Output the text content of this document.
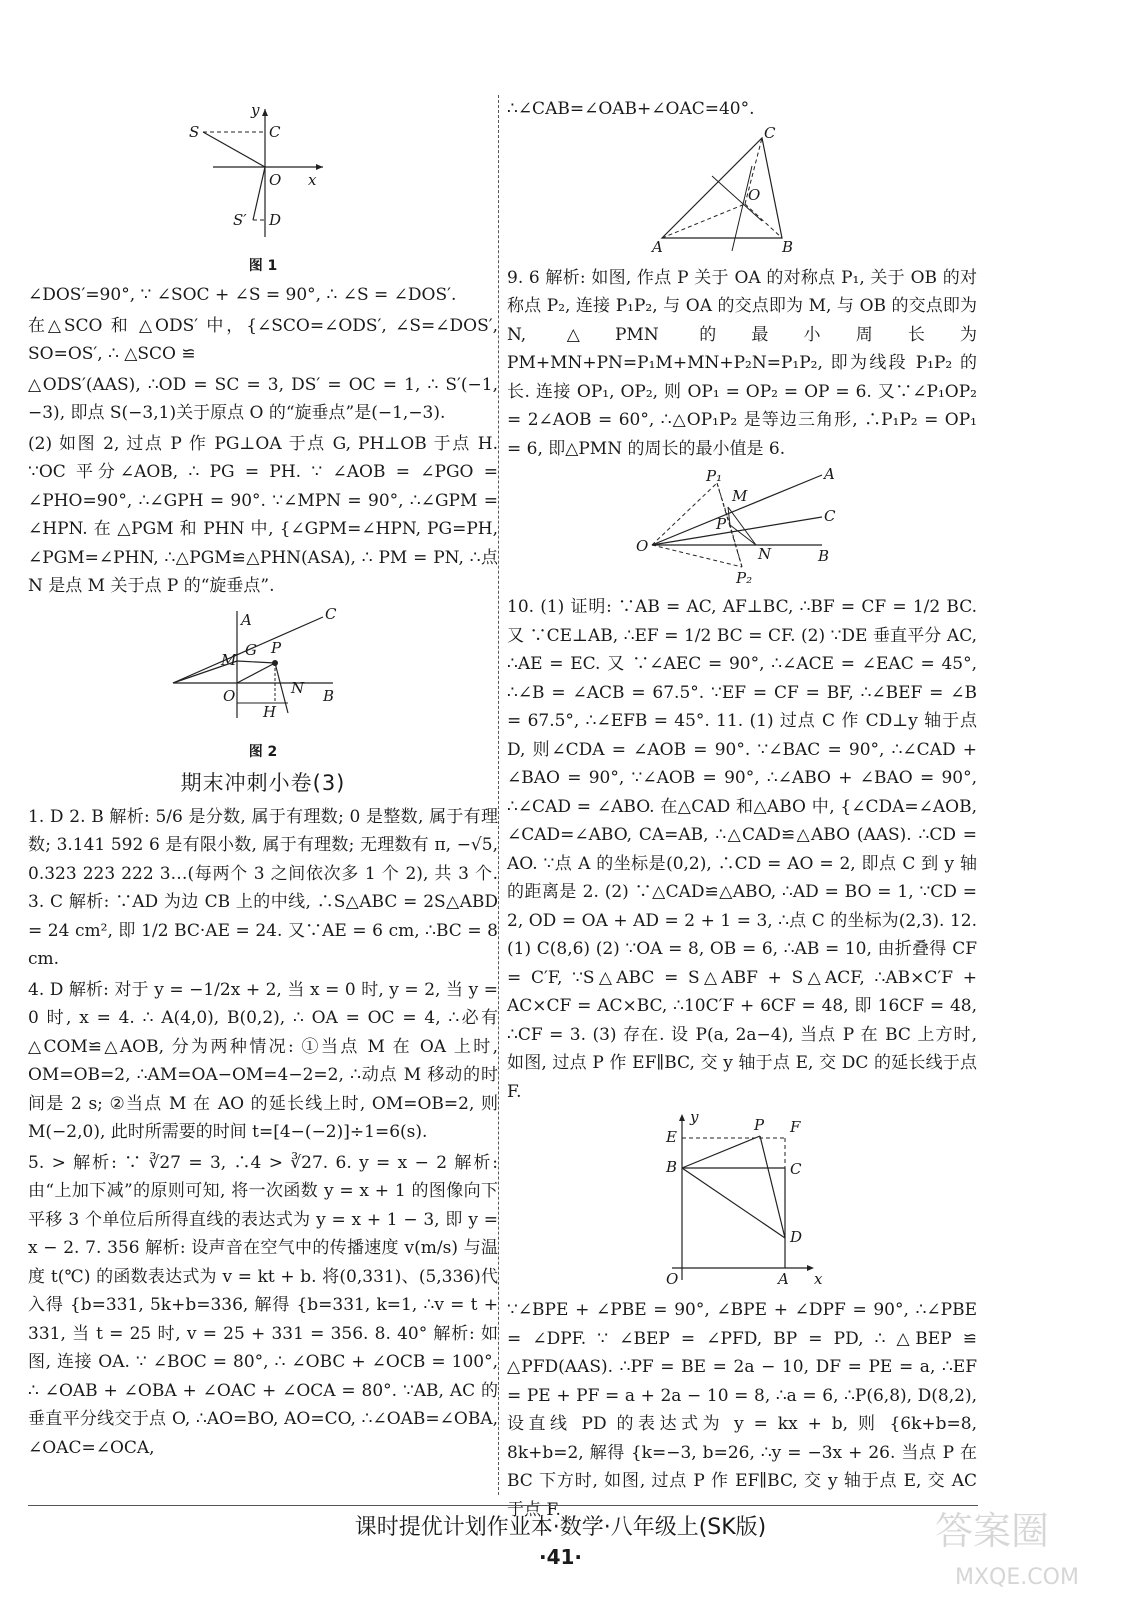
S	C
O x
y
S′ D
图 1

∠DOS′=90°, ∵ ∠SOC + ∠S = 90°, ∴ ∠S = ∠DOS′.

在△SCO 和 △ODS′ 中，{∠SCO=∠ODS′, ∠S=∠DOS′, SO=OS′, ∴ △SCO ≌

△ODS′(AAS), ∴OD = SC = 3, DS′ = OC = 1, ∴ S′(−1, −3), 即点 S(−3,1)关于原点 O 的“旋垂点”是(−1,−3).

(2) 如图 2, 过点 P 作 PG⊥OA 于点 G, PH⊥OB 于点 H. ∵OC 平分∠AOB, ∴ PG = PH. ∵ ∠AOB = ∠PGO = ∠PHO=90°, ∴∠GPH = 90°. ∵∠MPN = 90°, ∴∠GPM = ∠HPN. 在 △PGM 和 PHN 中, {∠GPM=∠HPN, PG=PH, ∠PGM=∠PHN, ∴△PGM≌△PHN(ASA), ∴ PM = PN, ∴点 N 是点 M 关于点 P 的“旋垂点”.

A	C
G P
M
O	N
H
B
图 2
期末冲刺小卷(3)

1. D 2. B 解析: 5/6 是分数, 属于有理数; 0 是整数, 属于有理数; 3.141 592 6 是有限小数, 属于有理数; 无理数有 π, −√5, 0.323 223 222 3…(每两个 3 之间依次多 1 个 2), 共 3 个. 3. C 解析: ∵AD 为边 CB 上的中线, ∴S△ABC = 2S△ABD = 24 cm², 即 1/2 BC·AE = 24. 又∵AE = 6 cm, ∴BC = 8 cm.

4. D 解析: 对于 y = −1/2x + 2, 当 x = 0 时, y = 2, 当 y = 0 时, x = 4. ∴ A(4,0), B(0,2), ∴ OA = OC = 4, ∴必有 △COM≌△AOB, 分为两种情况: ①当点 M 在 OA 上时, OM=OB=2, ∴AM=OA−OM=4−2=2, ∴动点 M 移动的时间是 2 s; ②当点 M 在 AO 的延长线上时, OM=OB=2, 则 M(−2,0), 此时所需要的时间 t=[4−(−2)]÷1=6(s).

5. > 解析: ∵ ∛27 = 3, ∴4 > ∛27. 6. y = x − 2 解析: 由“上加下减”的原则可知, 将一次函数 y = x + 1 的图像向下平移 3 个单位后所得直线的表达式为 y = x + 1 − 3, 即 y = x − 2. 7. 356 解析: 设声音在空气中的传播速度 v(m/s) 与温度 t(℃) 的函数表达式为 v = kt + b. 将(0,331)、(5,336)代入得 {b=331, 5k+b=336, 解得 {b=331, k=1, ∴v = t + 331, 当 t = 25 时, v = 25 + 331 = 356. 8. 40° 解析: 如图, 连接 OA. ∵ ∠BOC = 80°, ∴ ∠OBC + ∠OCB = 100°, ∴ ∠OAB + ∠OBA + ∠OAC + ∠OCA = 80°. ∵AB, AC 的垂直平分线交于点 O, ∴AO=BO, AO=CO, ∴∠OAB=∠OBA, ∠OAC=∠OCA,

∴∠CAB=∠OAB+∠OAC=40°.

C
O
A	B

9. 6 解析: 如图, 作点 P 关于 OA 的对称点 P₁, 关于 OB 的对称点 P₂, 连接 P₁P₂, 与 OA 的交点即为 M, 与 OB 的交点即为 N, △PMN 的最小周长为 PM+MN+PN=P₁M+MN+P₂N=P₁P₂, 即为线段 P₁P₂ 的长. 连接 OP₁, OP₂, 则 OP₁ = OP₂ = OP = 6. 又∵∠P₁OP₂ = 2∠AOB = 60°, ∴△OP₁P₂ 是等边三角形, ∴P₁P₂ = OP₁ = 6, 即△PMN 的周长的最小值是 6.

P₁
M
A
C
P
O	N	B
P₂

10. (1) 证明: ∵AB = AC, AF⊥BC, ∴BF = CF = 1/2 BC. 又 ∵CE⊥AB, ∴EF = 1/2 BC = CF. (2) ∵DE 垂直平分 AC, ∴AE = EC. 又 ∵∠AEC = 90°, ∴∠ACE = ∠EAC = 45°, ∴∠B = ∠ACB = 67.5°. ∵EF = CF = BF, ∴∠BEF = ∠B = 67.5°, ∴∠EFB = 45°. 11. (1) 过点 C 作 CD⊥y 轴于点 D, 则∠CDA = ∠AOB = 90°. ∵∠BAC = 90°, ∴∠CAD + ∠BAO = 90°, ∵∠AOB = 90°, ∴∠ABO + ∠BAO = 90°, ∴∠CAD = ∠ABO. 在△CAD 和△ABO 中, {∠CDA=∠AOB, ∠CAD=∠ABO, CA=AB, ∴△CAD≌△ABO (AAS). ∴CD = AO. ∵点 A 的坐标是(0,2), ∴CD = AO = 2, 即点 C 到 y 轴的距离是 2. (2) ∵△CAD≌△ABO, ∴AD = BO = 1, ∵CD = 2, OD = OA + AD = 2 + 1 = 3, ∴点 C 的坐标为(2,3). 12. (1) C(8,6) (2) ∵OA = 8, OB = 6, ∴AB = 10, 由折叠得 CF = C′F, ∵S△ABC = S△ABF + S△ACF, ∴AB×C′F + AC×CF = AC×BC, ∴10C′F + 6CF = 48, 即 16CF = 48, ∴CF = 3. (3) 存在. 设 P(a, 2a−4), 当点 P 在 BC 上方时, 如图, 过点 P 作 EF∥BC, 交 y 轴于点 E, 交 DC 的延长线于点 F.

y	P F
E
B	C
D
O	A x

∵∠BPE + ∠PBE = 90°, ∠BPE + ∠DPF = 90°, ∴∠PBE = ∠DPF. ∵ ∠BEP = ∠PFD, BP = PD, ∴ △BEP ≌ △PFD(AAS). ∴PF = BE = 2a − 10, DF = PE = a, ∴EF = PE + PF = a + 2a − 10 = 8, ∴a = 6, ∴P(6,8), D(8,2), 设直线 PD 的表达式为 y = kx + b, 则 {6k+b=8, 8k+b=2, 解得 {k=−3, b=26, ∴y = −3x + 26. 当点 P 在 BC 下方时, 如图, 过点 P 作 EF∥BC, 交 y 轴于点 E, 交 AC 于点 F.

课时提优计划作业本·数学·八年级上(SK版)
·41·
答案圈
MXQE.COM
